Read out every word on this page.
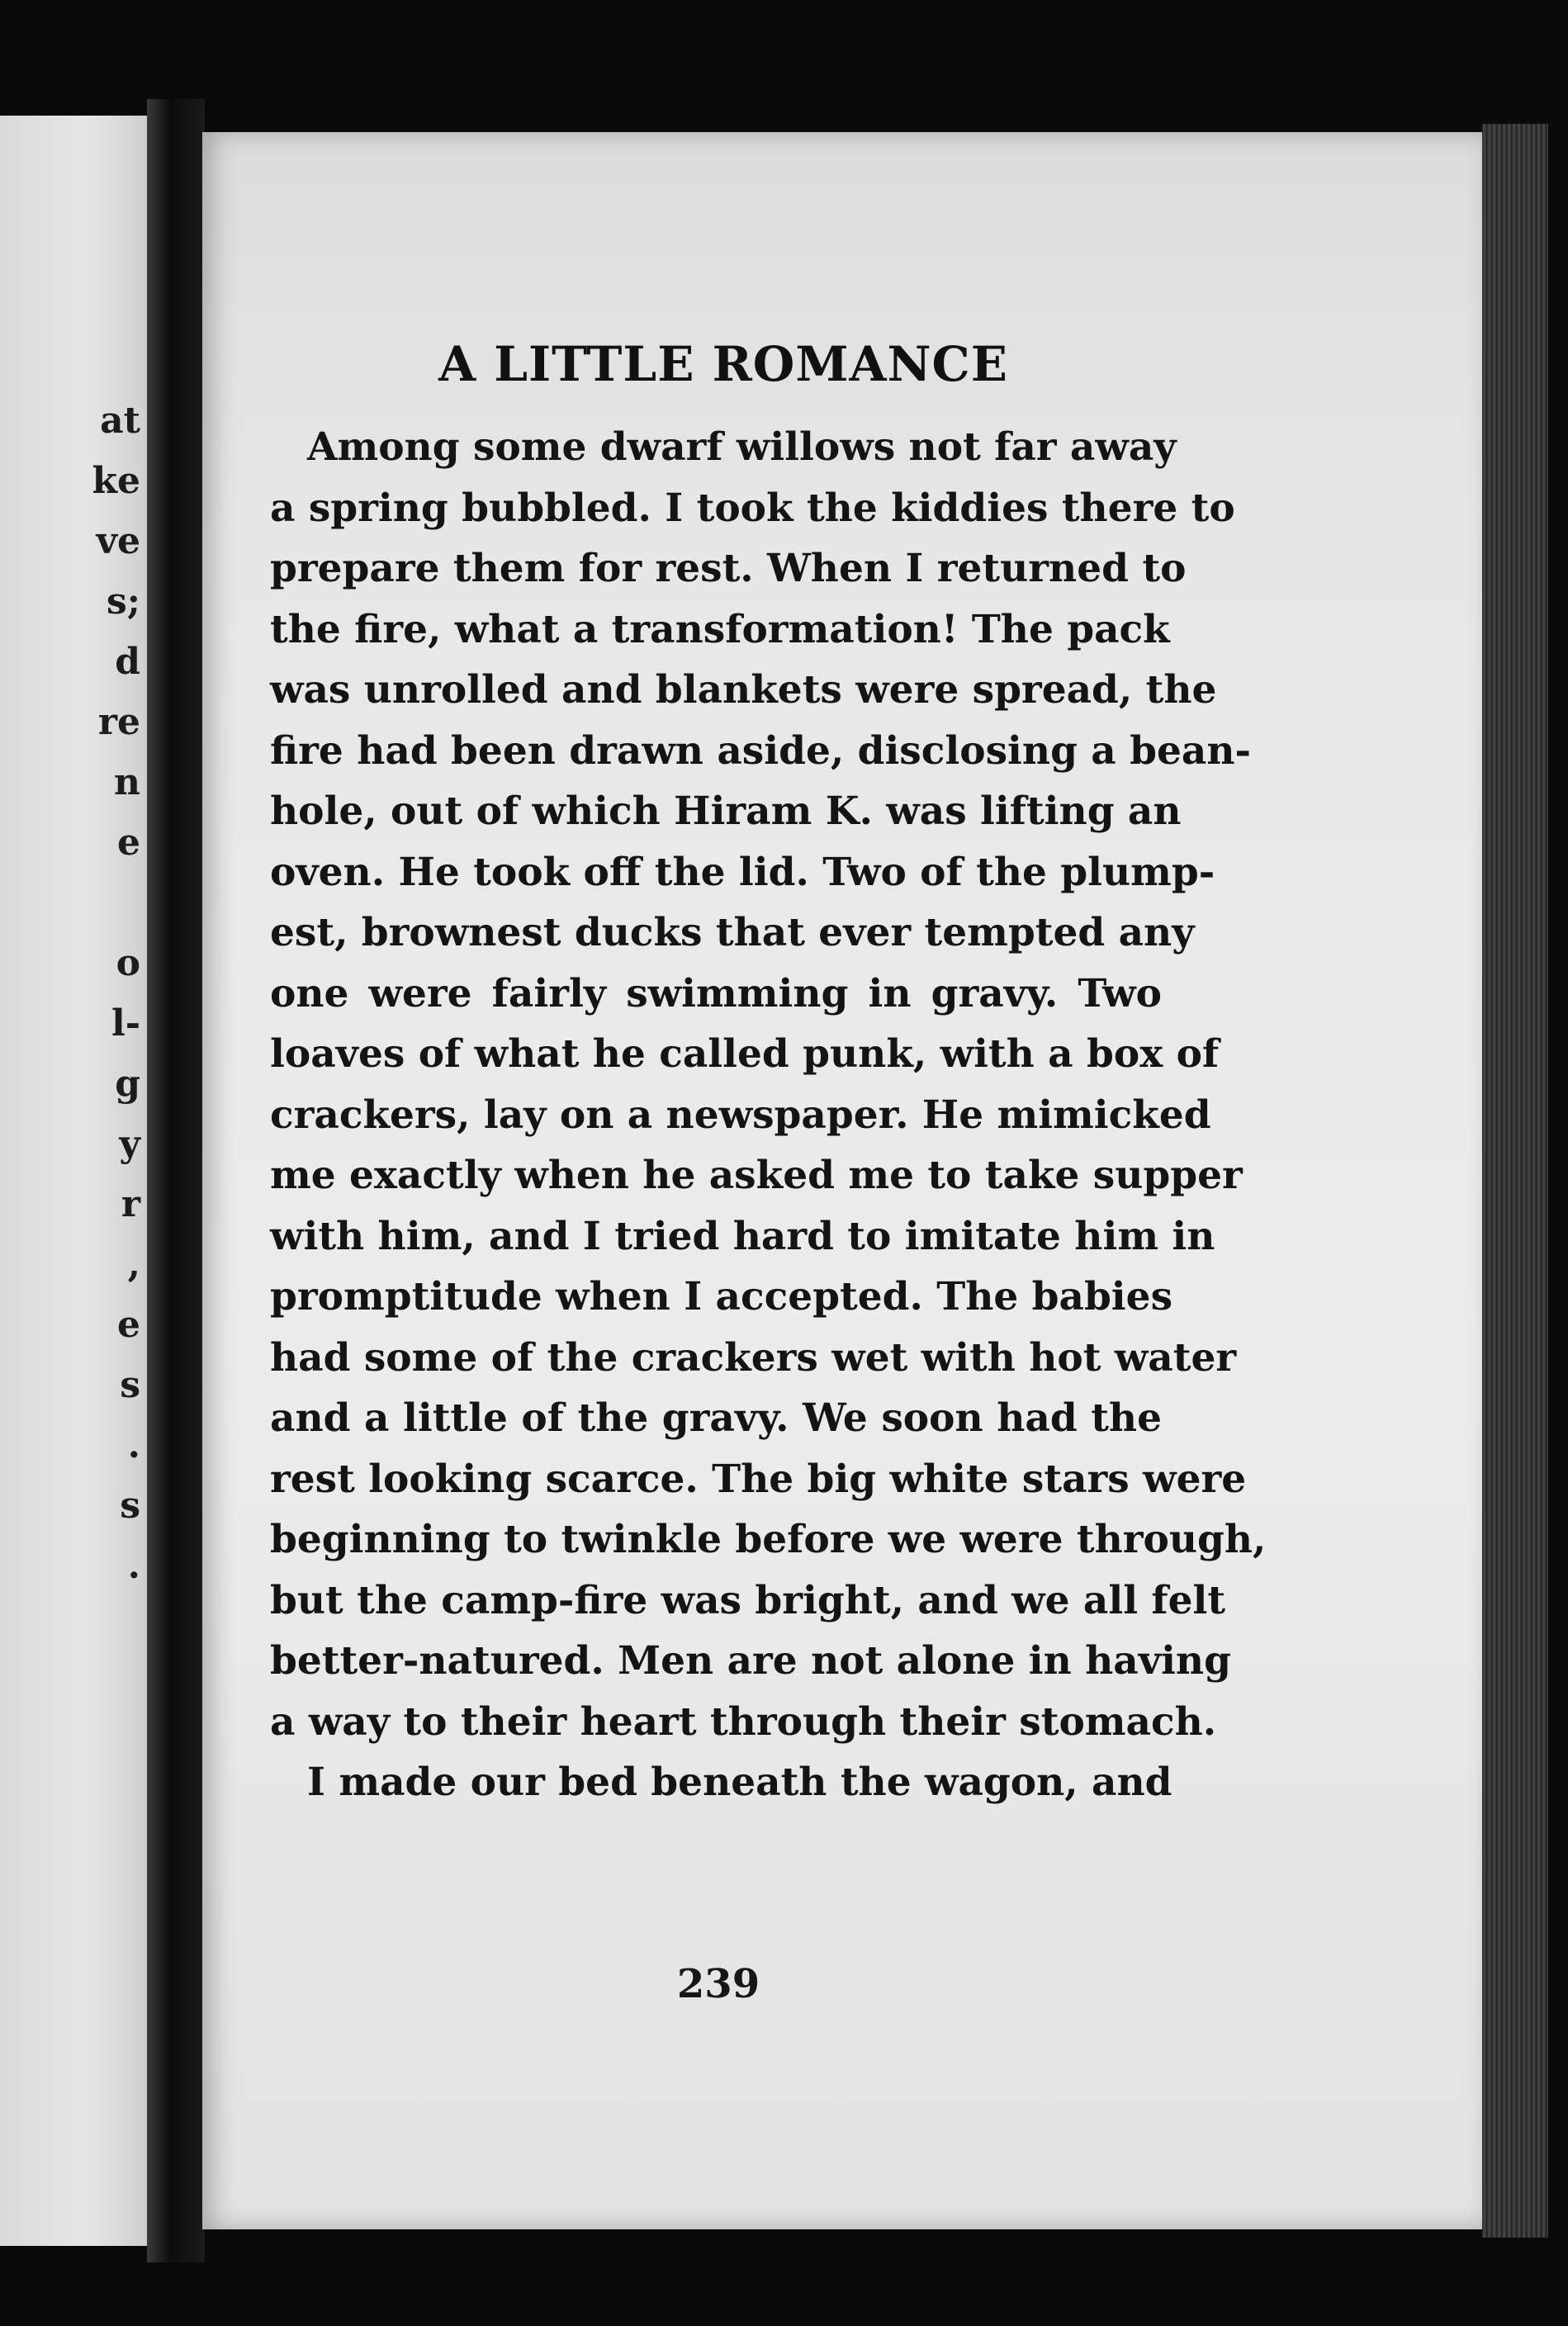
at
ke
ve
s;
d
re
n
e
o
l-
g
y
r
,
e
s
.
s
.
A LITTLE ROMANCE
Among some dwarf willows not far away
a spring bubbled. I took the kiddies there to
prepare them for rest. When I returned to
the fire, what a transformation! The pack
was unrolled and blankets were spread, the
fire had been drawn aside, disclosing a bean-
hole, out of which Hiram K. was lifting an
oven. He took off the lid. Two of the plump-
est, brownest ducks that ever tempted any
one were fairly swimming in gravy. Two
loaves of what he called punk, with a box of
crackers, lay on a newspaper. He mimicked
me exactly when he asked me to take supper
with him, and I tried hard to imitate him in
promptitude when I accepted. The babies
had some of the crackers wet with hot water
and a little of the gravy. We soon had the
rest looking scarce. The big white stars were
beginning to twinkle before we were through,
but the camp-fire was bright, and we all felt
better-natured. Men are not alone in having
a way to their heart through their stomach.
I made our bed beneath the wagon, and
239
